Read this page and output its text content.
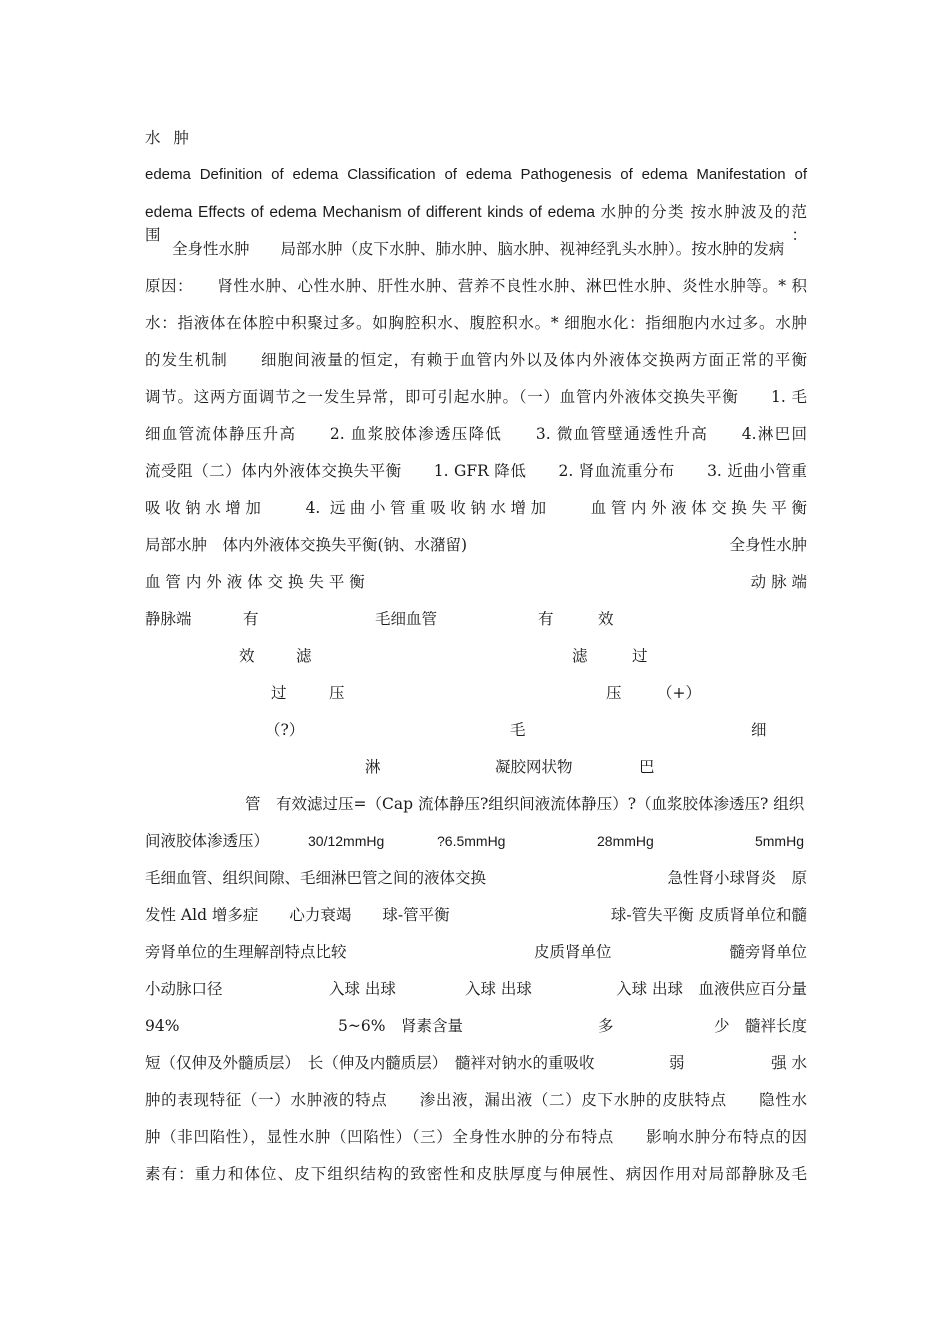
水 肿
edema Definition of edema Classification of edema Pathogenesis of edema Manifestation of
edema Effects of edema Mechanism of different kinds of edema 水肿的分类 按水肿波及的范围：
全身性水肿　　局部水肿（皮下水肿、肺水肿、脑水肿、视神经乳头水肿）。按水肿的发病
原因：　　肾性水肿、心性水肿、肝性水肿、营养不良性水肿、淋巴性水肿、炎性水肿等。* 积
水：指液体在体腔中积聚过多。如胸腔积水、腹腔积水。* 细胞水化：指细胞内水过多。水肿
的发生机制　　细胞间液量的恒定，有赖于血管内外以及体内外液体交换两方面正常的平衡
调节。这两方面调节之一发生异常，即可引起水肿。（一）血管内外液体交换失平衡　　1. 毛
细血管流体静压升高　　2. 血浆胶体渗透压降低　　3. 微血管壁通透性升高　　4.淋巴回
流受阻（二）体内外液体交换失平衡　　1. GFR 降低　　2. 肾血流重分布　　3. 近曲小管重
吸收钠水增加　　4. 远曲小管重吸收钠水增加　　血管内外液体交换失平衡
局部水肿　体内外液体交换失平衡(钠、水潴留)	全身性水肿
血 管 内 外 液 体 交 换 失 平 衡	动 脉 端
静脉端	有	毛细血管	有	效
效	滤	滤	过
过	压	压 （+）
（?）	毛	细
淋	凝胶网状物	巴
管　有效滤过压=（Cap 流体静压?组织间液流体静压）?（血浆胶体渗透压? 组织
间液胶体渗透压）	30/12mmHg	?6.5mmHg	28mmHg	5mmHg
毛细血管、组织间隙、毛细淋巴管之间的液体交换	急性肾小球肾炎　原
发性 Ald 增多症　　心力衰竭　　球-管平衡	球-管失平衡 皮质肾单位和髓
旁肾单位的生理解剖特点比较	皮质肾单位	髓旁肾单位
小动脉口径	入球 出球	入球 出球	入球 出球　血液供应百分量
94%	5~6%　肾素含量	多	少　髓袢长度
短（仅伸及外髓质层）　长（伸及内髓质层）　髓袢对钠水的重吸收	弱	强 水
肿的表现特征（一）水肿液的特点　　渗出液，漏出液（二）皮下水肿的皮肤特点　　隐性水
肿（非凹陷性），显性水肿（凹陷性）（三）全身性水肿的分布特点　　影响水肿分布特点的因
素有：重力和体位、皮下组织结构的致密性和皮肤厚度与伸展性、病因作用对局部静脉及毛
